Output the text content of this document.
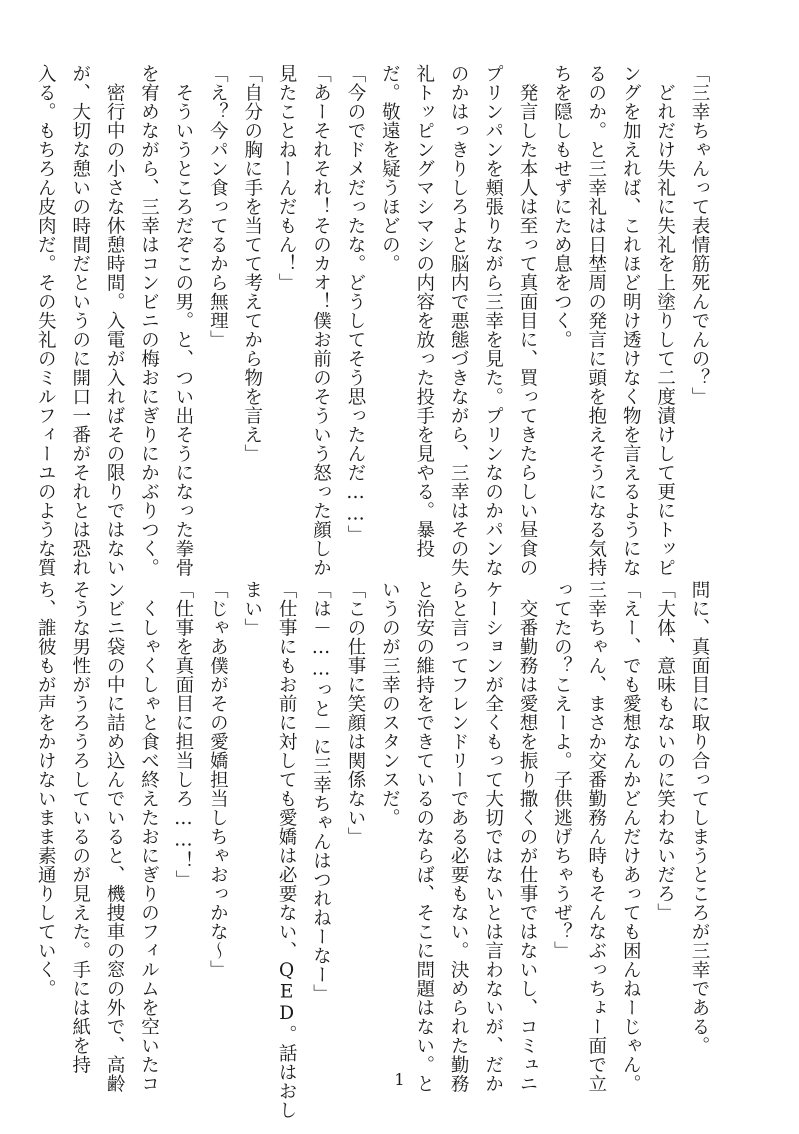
「三幸ちゃんって表情筋死んでんの？」
どれだけ失礼に失礼を上塗りして二度漬けして更にトッピ
ングを加えれば、これほど明け透けなく物を言えるようにな
るのか。と三幸礼は日埜周の発言に頭を抱えそうになる気持
ちを隠しもせずにため息をつく。
発言した本人は至って真面目に、買ってきたらしい昼食の
プリンパンを頬張りながら三幸を見た。プリンなのかパンな
のかはっきりしろよと脳内で悪態づきながら、三幸はその失
礼トッピングマシマシの内容を放った投手を見やる。暴投
だ。敬遠を疑うほどの。
「今のでドメだったな。どうしてそう思ったんだ……」
「あーそれそれ！そのカオ！僕お前のそういう怒った顔しか
見たことねーんだもん！」
「自分の胸に手を当てて考えてから物を言え」
「え？今パン食ってるから無理」
そういうところだぞこの男。と、つい出そうになった拳骨
を宥めながら、三幸はコンビニの梅おにぎりにかぶりつく。
密行中の小さな休憩時間。入電が入ればその限りではない
が、大切な憩いの時間だというのに開口一番がそれとは恐れ
入る。もちろん皮肉だ。その失礼のミルフィーユのような質
問に、真面目に取り合ってしまうところが三幸である。
「大体、意味もないのに笑わないだろ」
「えー、でも愛想なんかどんだけあっても困んねーじゃん。
三幸ちゃん、まさか交番勤務ん時もそんなぶっちょー面で立
ってたの？こえーよ。子供逃げちゃうぜ？」
交番勤務は愛想を振り撒くのが仕事ではないし、コミュニ
ケーションが全くもって大切ではないとは言わないが、だか
らと言ってフレンドリーである必要もない。決められた勤務
と治安の維持をできているのならば、そこに問題はない。と
いうのが三幸のスタンスだ。
「この仕事に笑顔は関係ない」
「は－……っと－に三幸ちゃんはつれねーなー」
「仕事にもお前に対しても愛嬌は必要ない、QED。話はおし
まい」
「じゃあ僕がその愛嬌担当しちゃおっかな～」
「仕事を真面目に担当しろ……！」
くしゃくしゃと食べ終えたおにぎりのフィルムを空いたコ
ンビニ袋の中に詰め込んでいると、機捜車の窓の外で、高齢
そうな男性がうろうろしているのが見えた。手には紙を持
ち、誰彼もが声をかけないまま素通りしていく。
1
